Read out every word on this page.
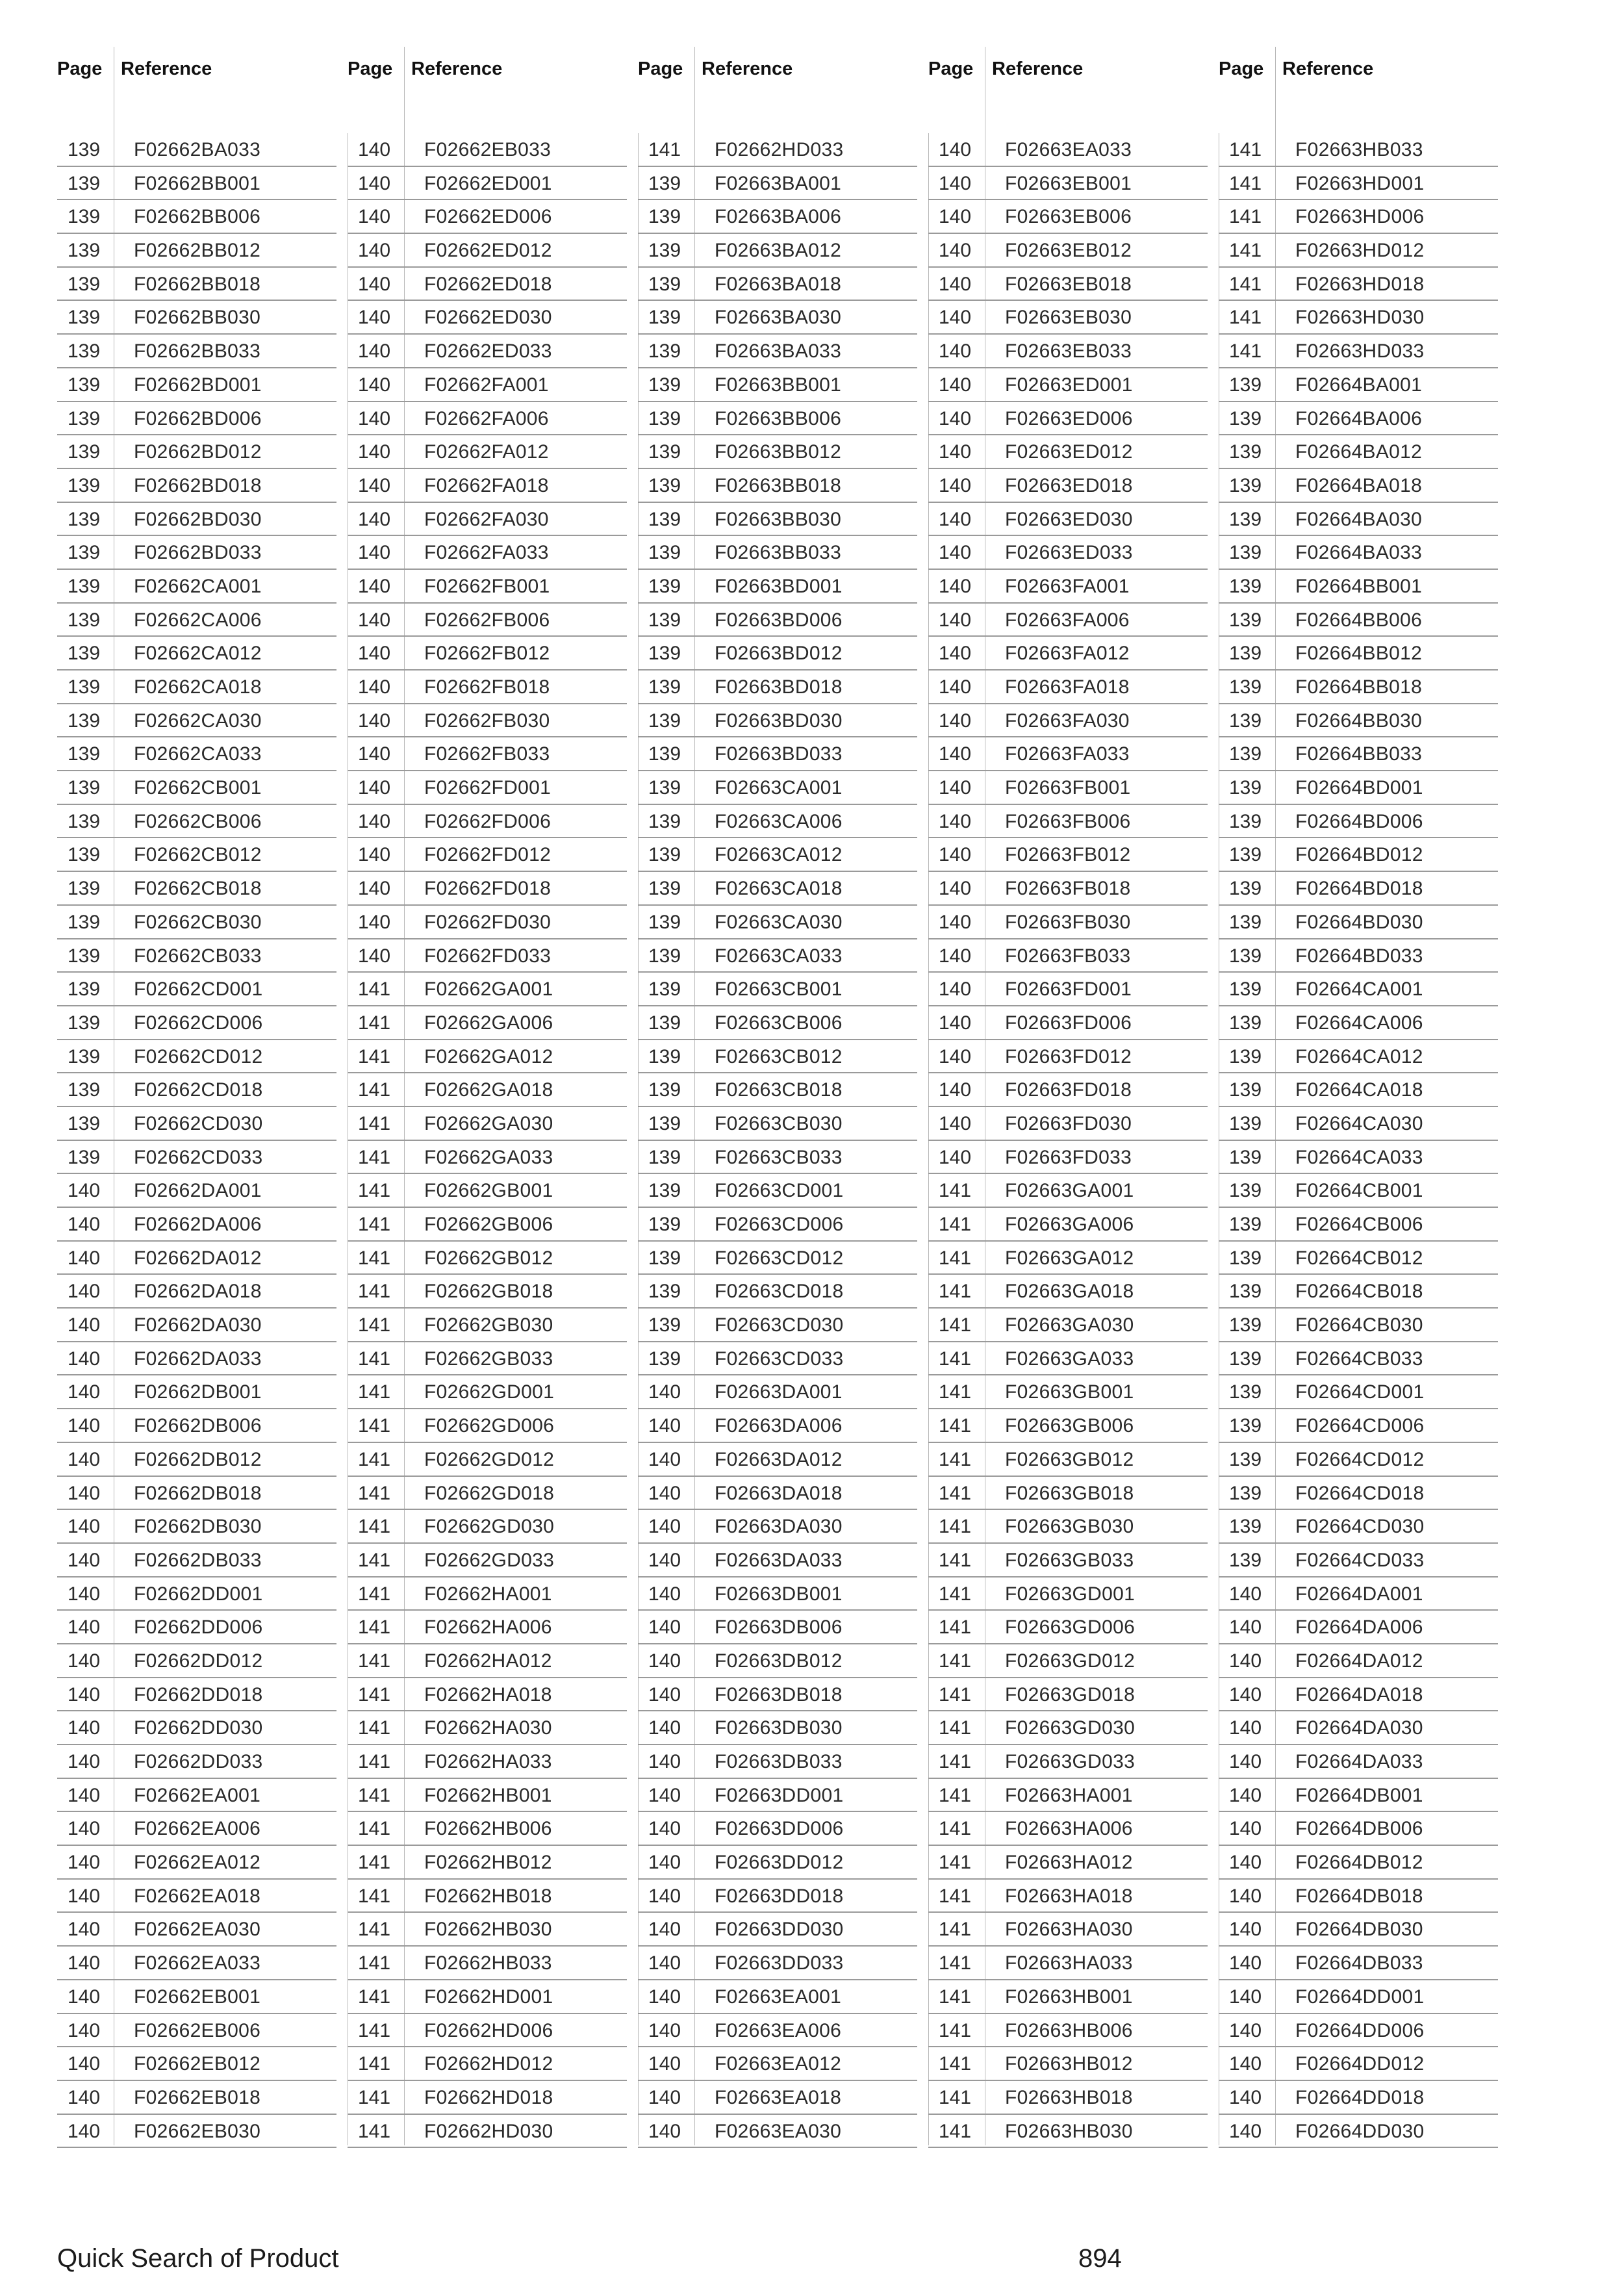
Page Reference
139 F02662BA033
139 F02662BB001
139 F02662BB006
139 F02662BB012
139 F02662BB018
139 F02662BB030
139 F02662BB033
139 F02662BD001
139 F02662BD006
139 F02662BD012
139 F02662BD018
139 F02662BD030
139 F02662BD033
139 F02662CA001
139 F02662CA006
139 F02662CA012
139 F02662CA018
139 F02662CA030
139 F02662CA033
139 F02662CB001
139 F02662CB006
139 F02662CB012
139 F02662CB018
139 F02662CB030
139 F02662CB033
139 F02662CD001
139 F02662CD006
139 F02662CD012
139 F02662CD018
139 F02662CD030
139 F02662CD033
140 F02662DA001
140 F02662DA006
140 F02662DA012
140 F02662DA018
140 F02662DA030
140 F02662DA033
140 F02662DB001
140 F02662DB006
140 F02662DB012
140 F02662DB018
140 F02662DB030
140 F02662DB033
140 F02662DD001
140 F02662DD006
140 F02662DD012
140 F02662DD018
140 F02662DD030
140 F02662DD033
140 F02662EA001
140 F02662EA006
140 F02662EA012
140 F02662EA018
140 F02662EA030
140 F02662EA033
140 F02662EB001
140 F02662EB006
140 F02662EB012
140 F02662EB018
140 F02662EB030
Page Reference
140 F02662EB033
140 F02662ED001
140 F02662ED006
140 F02662ED012
140 F02662ED018
140 F02662ED030
140 F02662ED033
140 F02662FA001
140 F02662FA006
140 F02662FA012
140 F02662FA018
140 F02662FA030
140 F02662FA033
140 F02662FB001
140 F02662FB006
140 F02662FB012
140 F02662FB018
140 F02662FB030
140 F02662FB033
140 F02662FD001
140 F02662FD006
140 F02662FD012
140 F02662FD018
140 F02662FD030
140 F02662FD033
141 F02662GA001
141 F02662GA006
141 F02662GA012
141 F02662GA018
141 F02662GA030
141 F02662GA033
141 F02662GB001
141 F02662GB006
141 F02662GB012
141 F02662GB018
141 F02662GB030
141 F02662GB033
141 F02662GD001
141 F02662GD006
141 F02662GD012
141 F02662GD018
141 F02662GD030
141 F02662GD033
141 F02662HA001
141 F02662HA006
141 F02662HA012
141 F02662HA018
141 F02662HA030
141 F02662HA033
141 F02662HB001
141 F02662HB006
141 F02662HB012
141 F02662HB018
141 F02662HB030
141 F02662HB033
141 F02662HD001
141 F02662HD006
141 F02662HD012
141 F02662HD018
141 F02662HD030
Page Reference
141 F02662HD033
139 F02663BA001
139 F02663BA006
139 F02663BA012
139 F02663BA018
139 F02663BA030
139 F02663BA033
139 F02663BB001
139 F02663BB006
139 F02663BB012
139 F02663BB018
139 F02663BB030
139 F02663BB033
139 F02663BD001
139 F02663BD006
139 F02663BD012
139 F02663BD018
139 F02663BD030
139 F02663BD033
139 F02663CA001
139 F02663CA006
139 F02663CA012
139 F02663CA018
139 F02663CA030
139 F02663CA033
139 F02663CB001
139 F02663CB006
139 F02663CB012
139 F02663CB018
139 F02663CB030
139 F02663CB033
139 F02663CD001
139 F02663CD006
139 F02663CD012
139 F02663CD018
139 F02663CD030
139 F02663CD033
140 F02663DA001
140 F02663DA006
140 F02663DA012
140 F02663DA018
140 F02663DA030
140 F02663DA033
140 F02663DB001
140 F02663DB006
140 F02663DB012
140 F02663DB018
140 F02663DB030
140 F02663DB033
140 F02663DD001
140 F02663DD006
140 F02663DD012
140 F02663DD018
140 F02663DD030
140 F02663DD033
140 F02663EA001
140 F02663EA006
140 F02663EA012
140 F02663EA018
140 F02663EA030
Page Reference
140 F02663EA033
140 F02663EB001
140 F02663EB006
140 F02663EB012
140 F02663EB018
140 F02663EB030
140 F02663EB033
140 F02663ED001
140 F02663ED006
140 F02663ED012
140 F02663ED018
140 F02663ED030
140 F02663ED033
140 F02663FA001
140 F02663FA006
140 F02663FA012
140 F02663FA018
140 F02663FA030
140 F02663FA033
140 F02663FB001
140 F02663FB006
140 F02663FB012
140 F02663FB018
140 F02663FB030
140 F02663FB033
140 F02663FD001
140 F02663FD006
140 F02663FD012
140 F02663FD018
140 F02663FD030
140 F02663FD033
141 F02663GA001
141 F02663GA006
141 F02663GA012
141 F02663GA018
141 F02663GA030
141 F02663GA033
141 F02663GB001
141 F02663GB006
141 F02663GB012
141 F02663GB018
141 F02663GB030
141 F02663GB033
141 F02663GD001
141 F02663GD006
141 F02663GD012
141 F02663GD018
141 F02663GD030
141 F02663GD033
141 F02663HA001
141 F02663HA006
141 F02663HA012
141 F02663HA018
141 F02663HA030
141 F02663HA033
141 F02663HB001
141 F02663HB006
141 F02663HB012
141 F02663HB018
141 F02663HB030
Page Reference
141 F02663HB033
141 F02663HD001
141 F02663HD006
141 F02663HD012
141 F02663HD018
141 F02663HD030
141 F02663HD033
139 F02664BA001
139 F02664BA006
139 F02664BA012
139 F02664BA018
139 F02664BA030
139 F02664BA033
139 F02664BB001
139 F02664BB006
139 F02664BB012
139 F02664BB018
139 F02664BB030
139 F02664BB033
139 F02664BD001
139 F02664BD006
139 F02664BD012
139 F02664BD018
139 F02664BD030
139 F02664BD033
139 F02664CA001
139 F02664CA006
139 F02664CA012
139 F02664CA018
139 F02664CA030
139 F02664CA033
139 F02664CB001
139 F02664CB006
139 F02664CB012
139 F02664CB018
139 F02664CB030
139 F02664CB033
139 F02664CD001
139 F02664CD006
139 F02664CD012
139 F02664CD018
139 F02664CD030
139 F02664CD033
140 F02664DA001
140 F02664DA006
140 F02664DA012
140 F02664DA018
140 F02664DA030
140 F02664DA033
140 F02664DB001
140 F02664DB006
140 F02664DB012
140 F02664DB018
140 F02664DB030
140 F02664DB033
140 F02664DD001
140 F02664DD006
140 F02664DD012
140 F02664DD018
140 F02664DD030
Quick Search of Product	894
